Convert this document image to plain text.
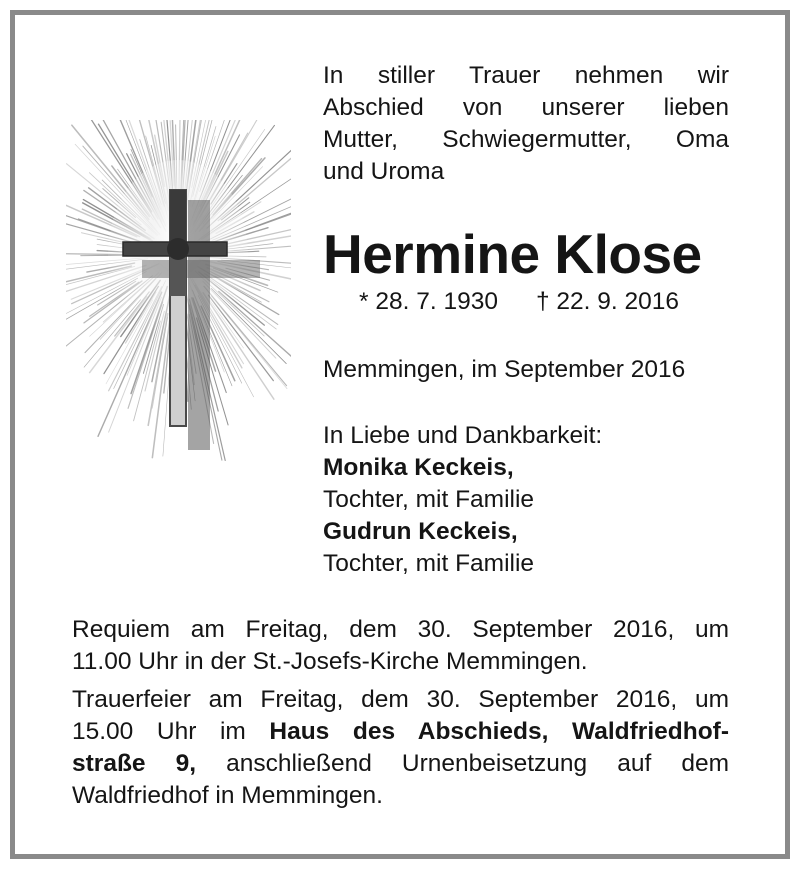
In stiller Trauer nehmen wir

Abschied von unserer lieben

Mutter, Schwiegermutter, Oma

und Uroma

Hermine Klose
* 28. 7. 1930 † 22. 9. 2016
Memmingen, im September 2016

In Liebe und Dankbarkeit:

Monika Keckeis,

Tochter, mit Familie

Gudrun Keckeis,

Tochter, mit Familie

Requiem am Freitag, dem 30. September 2016, um

11.00 Uhr in der St.-Josefs-Kirche Memmingen.

Trauerfeier am Freitag, dem 30. September 2016, um

15.00 Uhr im Haus des Abschieds, Waldfriedhof-

straße 9, anschließend Urnenbeisetzung auf dem

Waldfriedhof in Memmingen.
